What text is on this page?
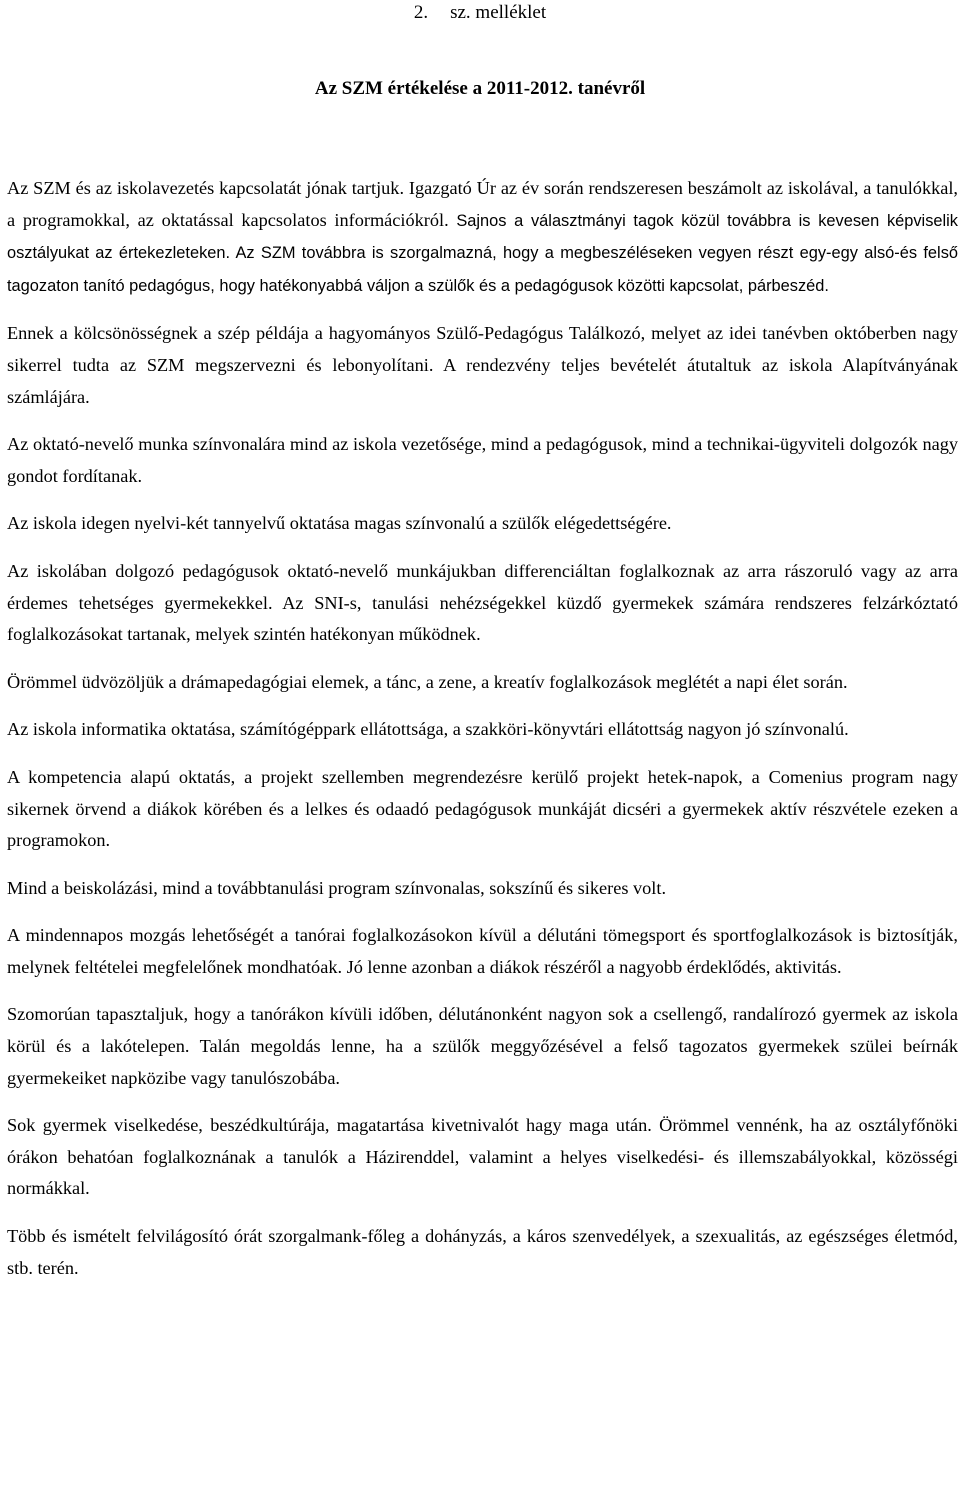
2. sz. melléklet
Az SZM értékelése a 2011-2012. tanévről

Az SZM és az iskolavezetés kapcsolatát jónak tartjuk. Igazgató Úr az év során rendszeresen beszámolt az iskolával, a tanulókkal, a programokkal, az oktatással kapcsolatos információkról. Sajnos a választmányi tagok közül továbbra is kevesen képviselik osztályukat az értekezleteken. Az SZM továbbra is szorgalmazná, hogy a megbeszéléseken vegyen részt egy-egy alsó-és felső tagozaton tanító pedagógus, hogy hatékonyabbá váljon a szülők és a pedagógusok közötti kapcsolat, párbeszéd.

Ennek a kölcsönösségnek a szép példája a hagyományos Szülő-Pedagógus Találkozó, melyet az idei tanévben októberben nagy sikerrel tudta az SZM megszervezni és lebonyolítani. A rendezvény teljes bevételét átutaltuk az iskola Alapítványának számlájára.

Az oktató-nevelő munka színvonalára mind az iskola vezetősége, mind a pedagógusok, mind a technikai-ügyviteli dolgozók nagy gondot fordítanak.

Az iskola idegen nyelvi-két tannyelvű oktatása magas színvonalú a szülők elégedettségére.

Az iskolában dolgozó pedagógusok oktató-nevelő munkájukban differenciáltan foglalkoznak az arra rászoruló vagy az arra érdemes tehetséges gyermekekkel. Az SNI-s, tanulási nehézségekkel küzdő gyermekek számára rendszeres felzárkóztató foglalkozásokat tartanak, melyek szintén hatékonyan működnek.

Örömmel üdvözöljük a drámapedagógiai elemek, a tánc, a zene, a kreatív foglalkozások meglétét a napi élet során.

Az iskola informatika oktatása, számítógéppark ellátottsága, a szakköri-könyvtári ellátottság nagyon jó színvonalú.

A kompetencia alapú oktatás, a projekt szellemben megrendezésre kerülő projekt hetek-napok, a Comenius program nagy sikernek örvend a diákok körében és a lelkes és odaadó pedagógusok munkáját dicséri a gyermekek aktív részvétele ezeken a programokon.

Mind a beiskolázási, mind a továbbtanulási program színvonalas, sokszínű és sikeres volt.

A mindennapos mozgás lehetőségét a tanórai foglalkozásokon kívül a délutáni tömegsport és sportfoglalkozások is biztosítják, melynek feltételei megfelelőnek mondhatóak. Jó lenne azonban a diákok részéről a nagyobb érdeklődés, aktivitás.

Szomorúan tapasztaljuk, hogy a tanórákon kívüli időben, délutánonként nagyon sok a csellengő, randalírozó gyermek az iskola körül és a lakótelepen. Talán megoldás lenne, ha a szülők meggyőzésével a felső tagozatos gyermekek szülei beírnák gyermekeiket napközibe vagy tanulószobába.

Sok gyermek viselkedése, beszédkultúrája, magatartása kivetnivalót hagy maga után. Örömmel vennénk, ha az osztályfőnöki órákon behatóan foglalkoznának a tanulók a Házirenddel, valamint a helyes viselkedési- és illemszabályokkal, közösségi normákkal.

Több és ismételt felvilágosító órát szorgalmank-főleg a dohányzás, a káros szenvedélyek, a szexualitás, az egészséges életmód, stb. terén.
